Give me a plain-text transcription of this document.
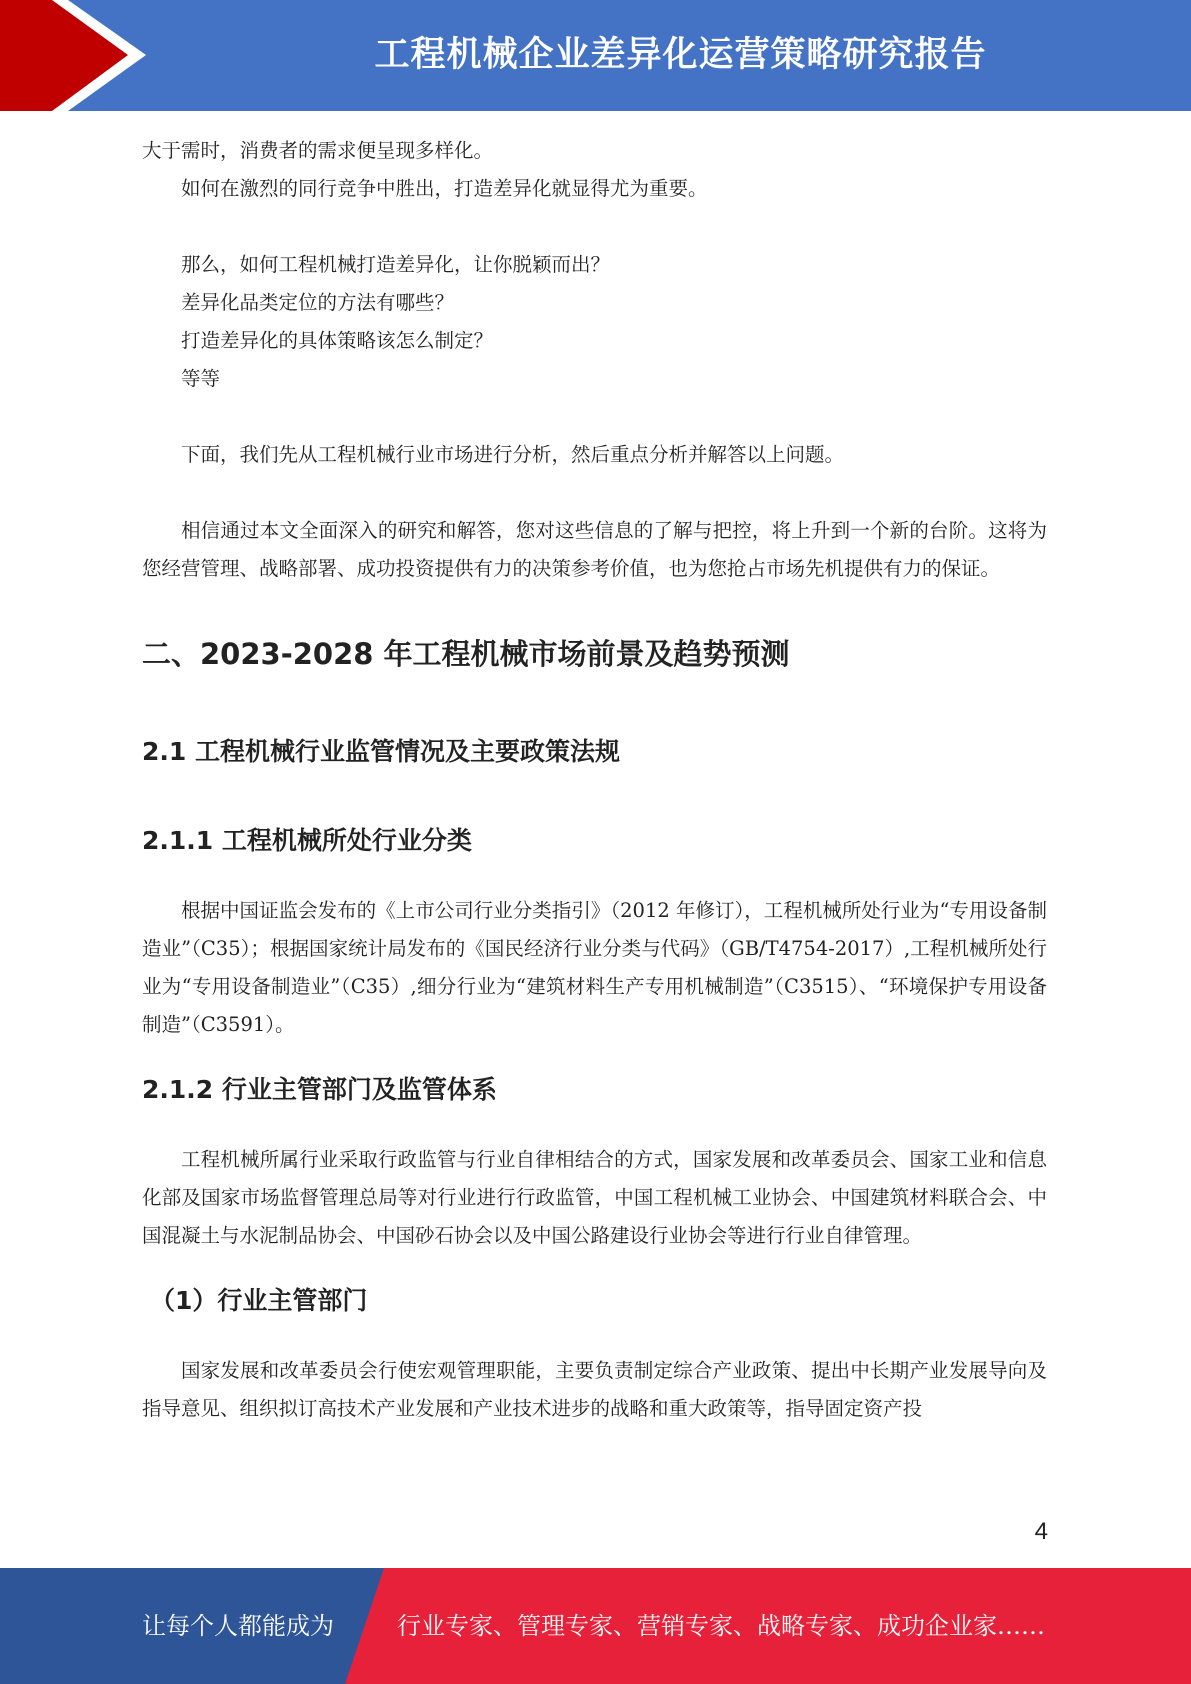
工程机械企业差异化运营策略研究报告

大于需时，消费者的需求便呈现多样化。

如何在激烈的同行竞争中胜出，打造差异化就显得尤为重要。

那么，如何工程机械打造差异化，让你脱颖而出？

差异化品类定位的方法有哪些？

打造差异化的具体策略该怎么制定？

等等

下面，我们先从工程机械行业市场进行分析，然后重点分析并解答以上问题。

相信通过本文全面深入的研究和解答，您对这些信息的了解与把控，将上升到一个新的台阶。这将为您经营管理、战略部署、成功投资提供有力的决策参考价值，也为您抢占市场先机提供有力的保证。

二、2023-2028 年工程机械市场前景及趋势预测
2.1 工程机械行业监管情况及主要政策法规
2.1.1 工程机械所处行业分类

根据中国证监会发布的《上市公司行业分类指引》（2012 年修订），工程机械所处行业为“专用设备制造业”（C35）；根据国家统计局发布的《国民经济行业分类与代码》（GB/T4754-2017）,工程机械所处行业为“专用设备制造业”（C35）,细分行业为“建筑材料生产专用机械制造”（C3515）、“环境保护专用设备制造”（C3591）。

2.1.2 行业主管部门及监管体系

工程机械所属行业采取行政监管与行业自律相结合的方式，国家发展和改革委员会、国家工业和信息化部及国家市场监督管理总局等对行业进行行政监管，中国工程机械工业协会、中国建筑材料联合会、中国混凝土与水泥制品协会、中国砂石协会以及中国公路建设行业协会等进行行业自律管理。

（1）行业主管部门

国家发展和改革委员会行使宏观管理职能，主要负责制定综合产业政策、提出中长期产业发展导向及指导意见、组织拟订高技术产业发展和产业技术进步的战略和重大政策等，指导固定资产投

4
让每个人都能成为	行业专家、管理专家、营销专家、战略专家、成功企业家……
